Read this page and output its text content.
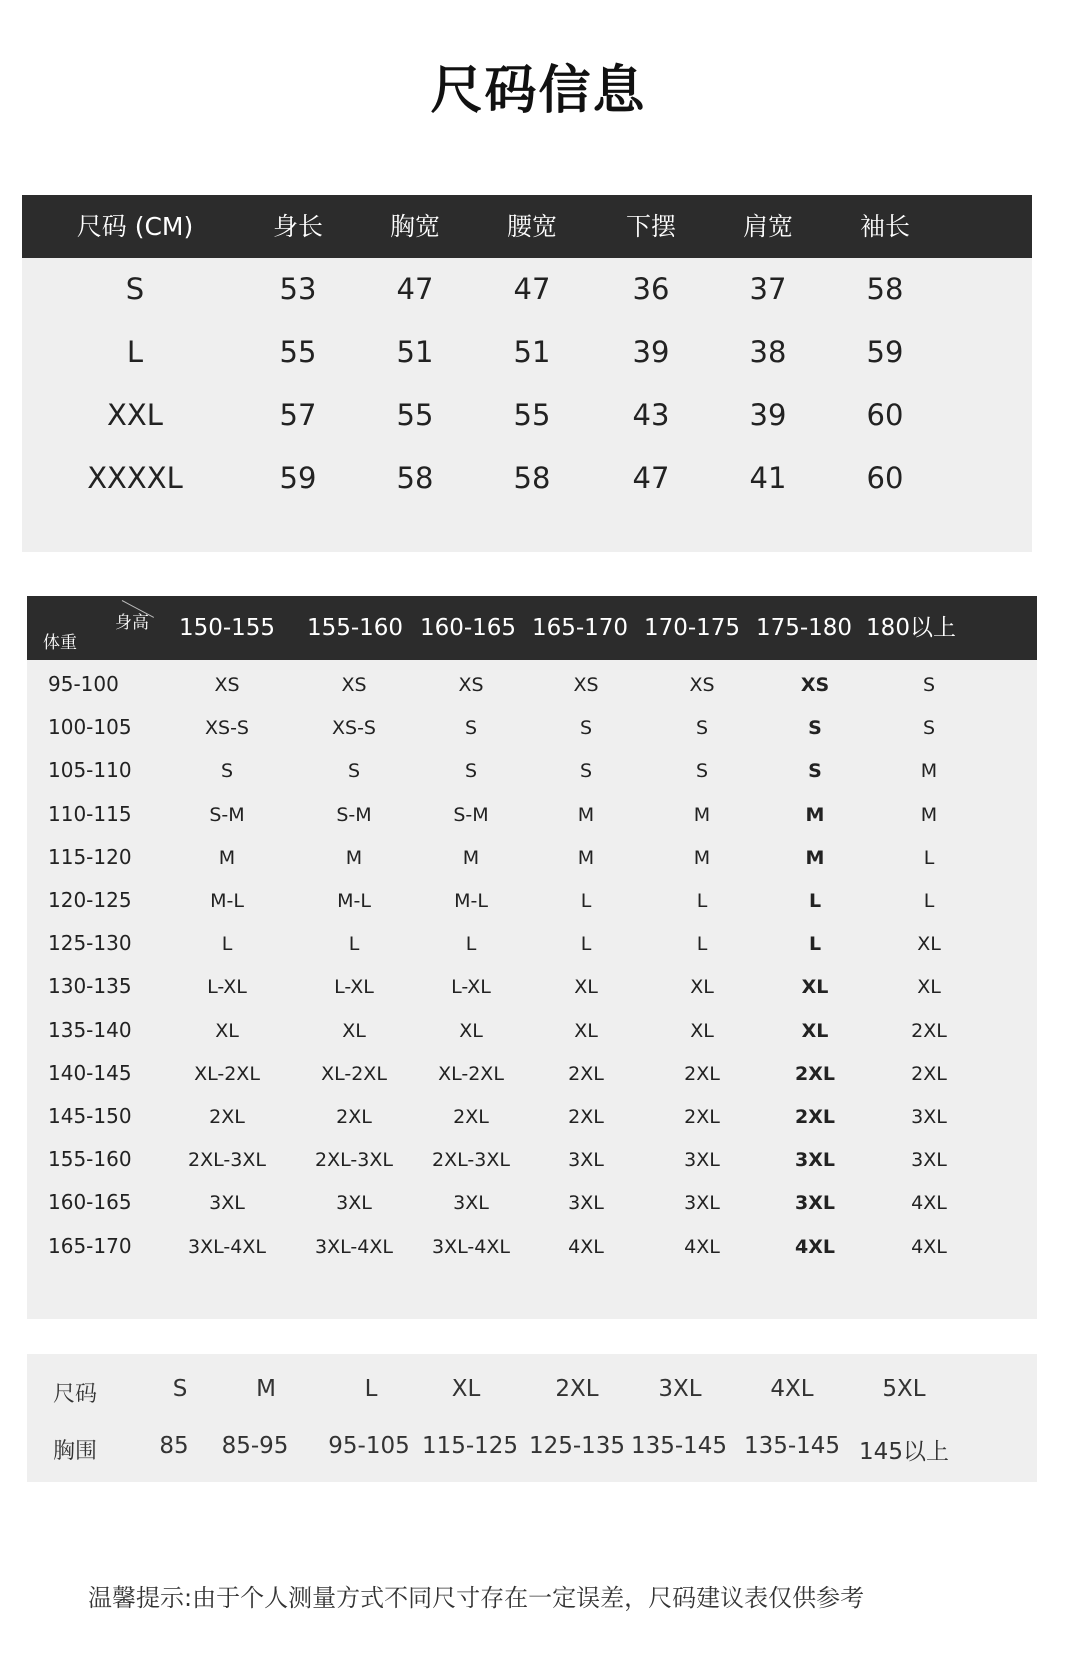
尺码信息
尺码 (CM)	身长	胸宽	腰宽	下摆	肩宽	袖长
S	53	47	47	36	37	58
L	55	51	51	39	38	59
XXL	57	55	55	43	39	60
XXXXL	59	58	58	47	41	60
身高
体重
150-155 155-160 160-165 165-170 170-175 175-180 180以上
95-100	XS	XS	XS	XS	XS	XS	S
100-105	XS-S	XS-S	S	S	S	S	S
105-110	S	S	S	S	S	S	M
110-115	S-M	S-M	S-M	M	M	M	M
115-120	M	M	M	M	M	M	L
120-125	M-L	M-L	M-L	L	L	L	L
125-130	L	L	L	L	L	L	XL
130-135	L-XL	L-XL	L-XL	XL	XL	XL	XL
135-140	XL	XL	XL	XL	XL	XL	2XL
140-145	XL-2XL	XL-2XL	XL-2XL	2XL	2XL	2XL	2XL
145-150	2XL	2XL	2XL	2XL	2XL	2XL	3XL
155-160	2XL-3XL	2XL-3XL 2XL-3XL	3XL	3XL	3XL	3XL
160-165	3XL	3XL	3XL	3XL	3XL	3XL	4XL
165-170	3XL-4XL	3XL-4XL 3XL-4XL	4XL	4XL	4XL	4XL
尺码
胸围
S	M	L	XL	2XL	3XL	4XL	5XL
85 85-95 95-105 115-125 125-135 135-145 135-145 145以上
温馨提示:由于个人测量方式不同尺寸存在一定误差，尺码建议表仅供参考
